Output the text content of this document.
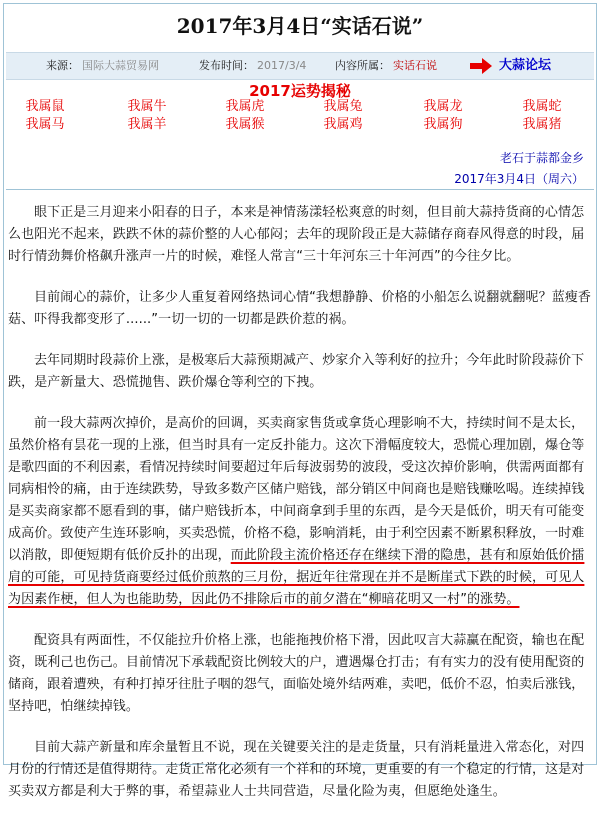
2017年3月4日“实话石说”
来源： 国际大蒜贸易网	发布时间： 2017/3/4	内容所属： 实话石说	大蒜论坛
2017运势揭秘
我属鼠	我属牛	我属虎	我属兔	我属龙	我属蛇
我属马	我属羊	我属猴	我属鸡	我属狗	我属猪
老石于蒜都金乡
2017年3月4日（周六）

眼下正是三月迎来小阳春的日子，本来是神情荡漾轻松爽意的时刻，但目前大蒜持货商的心情怎么也阳光不起来，跌跌不休的蒜价整的人心郁闷；去年的现阶段正是大蒜储存商春风得意的时段，届时行情劲舞价格飙升涨声一片的时候，难怪人常言“三十年河东三十年河西”的今往夕比。

目前闹心的蒜价，让多少人重复着网络热词心情“我想静静、价格的小船怎么说翻就翻呢？蓝瘦香菇、吓得我都变形了......”一切一切的一切都是跌价惹的祸。

去年同期时段蒜价上涨，是极寒后大蒜预期减产、炒家介入等利好的拉升；今年此时阶段蒜价下跌，是产新量大、恐慌抛售、跌价爆仓等利空的下拽。

前一段大蒜两次掉价，是高价的回调，买卖商家售货或拿货心理影响不大，持续时间不是太长，虽然价格有昙花一现的上涨，但当时具有一定反扑能力。这次下滑幅度较大，恐慌心理加剧，爆仓等是歌四面的不利因素，看情况持续时间要超过年后每波弱势的波段，受这次掉价影响，供需两面都有同病相怜的痛，由于连续跌势，导致多数产区储户赔钱，部分销区中间商也是赔钱赚吆喝。连续掉钱是买卖商家都不愿看到的事，储户赔钱折本，中间商拿到手里的东西，是今天是低价，明天有可能变成高价。致使产生连环影响，买卖恐慌，价格不稳，影响消耗，由于利空因素不断累积释放，一时难以消散，即便短期有低价反扑的出现，而此阶段主流价格还存在继续下滑的隐患，甚有和原始低价擂肩的可能，可见持货商要经过低价煎熬的三月份，据近年往常现在并不是断崖式下跌的时候，可见人为因素作梗，但人为也能助势，因此仍不排除后市的前夕潜在“柳暗花明又一村”的涨势。

配资具有两面性，不仅能拉升价格上涨，也能拖拽价格下滑，因此叹言大蒜赢在配资，输也在配资，既利己也伤己。目前情况下承载配资比例较大的户，遭遇爆仓打击；有有实力的没有使用配资的储商，跟着遭殃，有种打掉牙往肚子咽的怨气，面临处境外结两难，卖吧，低价不忍，怕卖后涨钱，坚持吧，怕继续掉钱。

目前大蒜产新量和库余量暂且不说，现在关键要关注的是走货量，只有消耗量进入常态化，对四月份的行情还是值得期待。走货正常化必须有一个祥和的环境，更重要的有一个稳定的行情，这是对买卖双方都是利大于弊的事，希望蒜业人士共同营造，尽量化险为夷，但愿绝处逢生。
